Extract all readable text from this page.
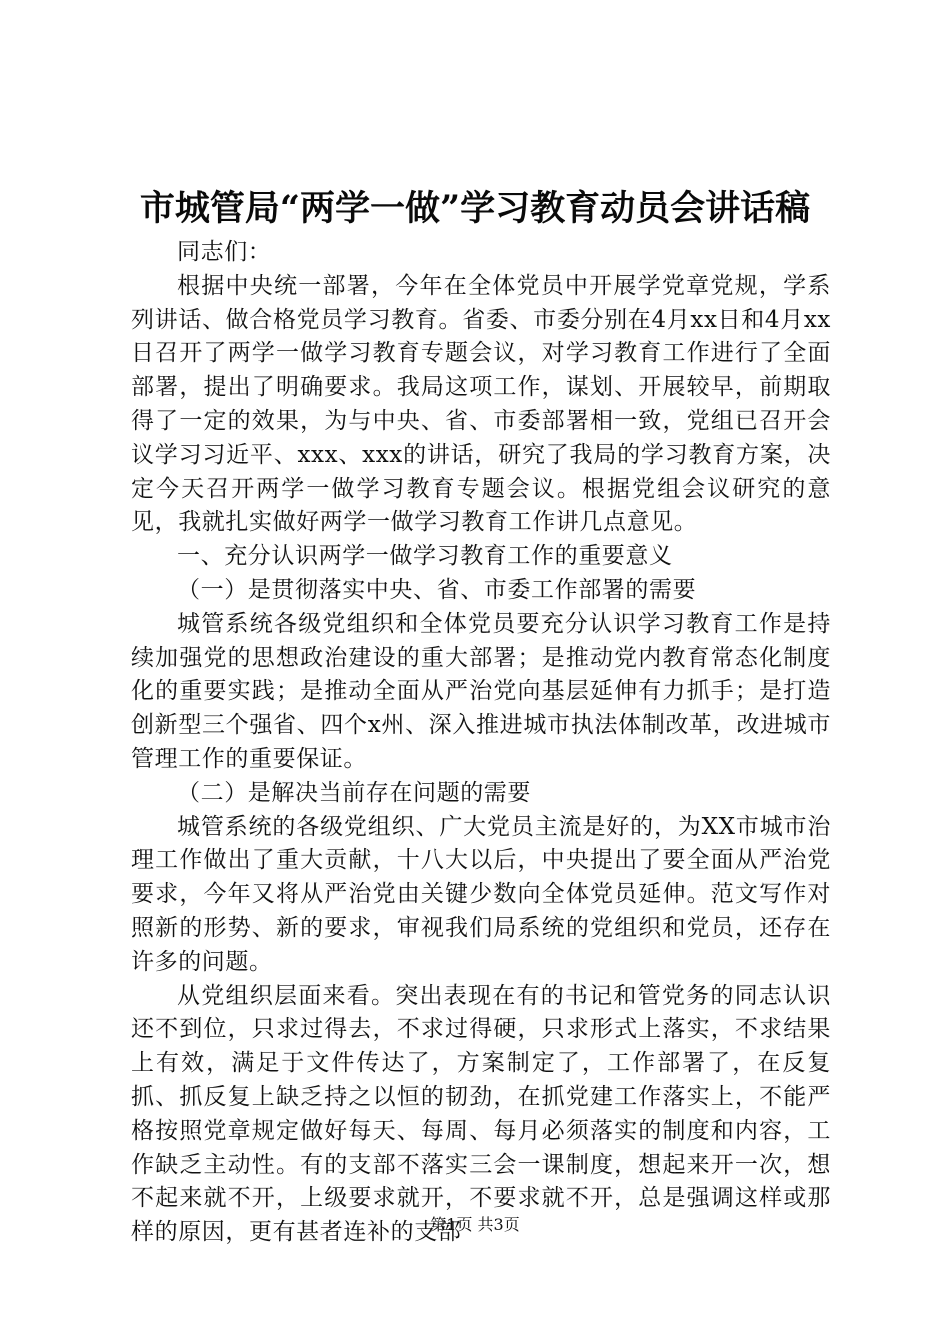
市城管局“两学一做”学习教育动员会讲话稿

同志们：

根据中央统一部署，今年在全体党员中开展学党章党规，学系列讲话、做合格党员学习教育。省委、市委分别在4月xx日和4月xx日召开了两学一做学习教育专题会议，对学习教育工作进行了全面部署，提出了明确要求。我局这项工作，谋划、开展较早，前期取得了一定的效果，为与中央、省、市委部署相一致，党组已召开会议学习习近平、xxx、xxx的讲话，研究了我局的学习教育方案，决定今天召开两学一做学习教育专题会议。根据党组会议研究的意见，我就扎实做好两学一做学习教育工作讲几点意见。

一、充分认识两学一做学习教育工作的重要意义

（一）是贯彻落实中央、省、市委工作部署的需要

城管系统各级党组织和全体党员要充分认识学习教育工作是持续加强党的思想政治建设的重大部署；是推动党内教育常态化制度化的重要实践；是推动全面从严治党向基层延伸有力抓手；是打造创新型三个强省、四个x州、深入推进城市执法体制改革，改进城市管理工作的重要保证。

（二）是解决当前存在问题的需要

城管系统的各级党组织、广大党员主流是好的，为XX市城市治理工作做出了重大贡献，十八大以后，中央提出了要全面从严治党要求，今年又将从严治党由关键少数向全体党员延伸。范文写作对照新的形势、新的要求，审视我们局系统的党组织和党员，还存在许多的问题。

从党组织层面来看。突出表现在有的书记和管党务的同志认识还不到位，只求过得去，不求过得硬，只求形式上落实，不求结果上有效，满足于文件传达了，方案制定了，工作部署了，在反复抓、抓反复上缺乏持之以恒的韧劲，在抓党建工作落实上，不能严格按照党章规定做好每天、每周、每月必须落实的制度和内容，工作缺乏主动性。有的支部不落实三会一课制度，想起来开一次，想不起来就不开，上级要求就开，不要求就不开，总是强调这样或那样的原因，更有甚者连补的支部

第1页 共3页
